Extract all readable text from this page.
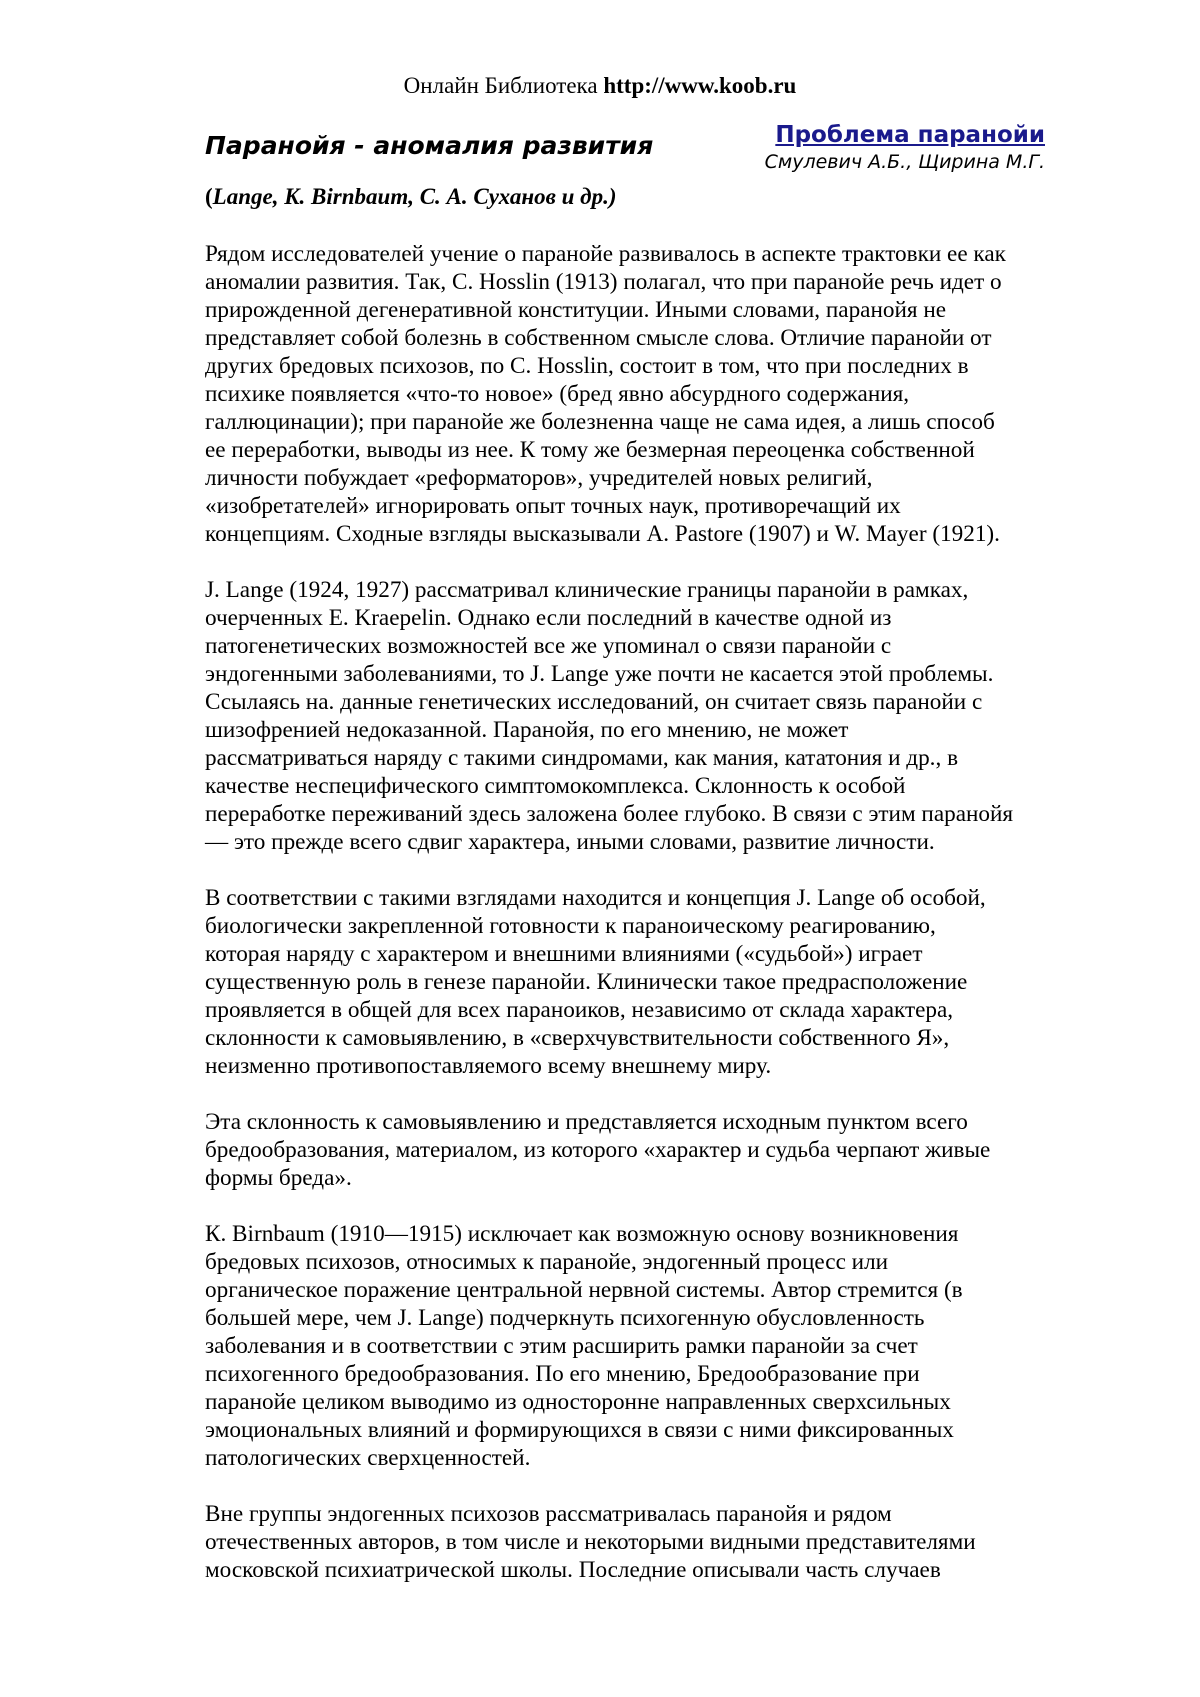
Онлайн Библиотека http://www.koob.ru
Паранойя - аномалия развития	Проблема паранойи
Смулевич А.Б., Щирина М.Г.
(Lange, K. Birnbaum, С. А. Суханов и др.)
Рядом исследователей учение о паранойе развивалось в аспекте трактовки ее как
аномалии развития. Так, С. Hosslin (1913) полагал, что при паранойе речь идет о
прирожденной дегенеративной конституции. Иными словами, паранойя не
представляет собой болезнь в собственном смысле слова. Отличие паранойи от
других бредовых психозов, по С. Hosslin, состоит в том, что при последних в
психике появляется «что-то новое» (бред явно абсурдного содержания,
галлюцинации); при паранойе же болезненна чаще не сама идея, а лишь способ
ее переработки, выводы из нее. К тому же безмерная переоценка собственной
личности побуждает «реформаторов», учредителей новых религий,
«изобретателей» игнорировать опыт точных наук, противоречащий их
концепциям. Сходные взгляды высказывали A. Pastore (1907) и W. Mayer (1921).
J. Lange (1924, 1927) рассматривал клинические границы паранойи в рамках,
очерченных Е. Kraepelin. Однако если последний в качестве одной из
патогенетических возможностей все же упоминал о связи паранойи с
эндогенными заболеваниями, то J. Lange уже почти не касается этой проблемы.
Ссылаясь на. данные генетических исследований, он считает связь паранойи с
шизофренией недоказанной. Паранойя, по его мнению, не может
рассматриваться наряду с такими синдромами, как мания, кататония и др., в
качестве неспецифического симптомокомплекса. Склонность к особой
переработке переживаний здесь заложена более глубоко. В связи с этим паранойя
— это прежде всего сдвиг характера, иными словами, развитие личности.
В соответствии с такими взглядами находится и концепция J. Lange об особой,
биологически закрепленной готовности к параноическому реагированию,
которая наряду с характером и внешними влияниями («судьбой») играет
существенную роль в генезе паранойи. Клинически такое предрасположение
проявляется в общей для всех параноиков, независимо от склада характера,
склонности к самовыявлению, в «сверхчувствительности собственного Я»,
неизменно противопоставляемого всему внешнему миру.
Эта склонность к самовыявлению и представляется исходным пунктом всего
бредообразования, материалом, из которого «характер и судьба черпают живые
формы бреда».
К. Birnbaum (1910—1915) исключает как возможную основу возникновения
бредовых психозов, относимых к паранойе, эндогенный процесс или
органическое поражение центральной нервной системы. Автор стремится (в
большей мере, чем J. Lange) подчеркнуть психогенную обусловленность
заболевания и в соответствии с этим расширить рамки паранойи за счет
психогенного бредообразования. По его мнению, Бредообразование при
паранойе целиком выводимо из односторонне направленных сверхсильных
эмоциональных влияний и формирующихся в связи с ними фиксированных
патологических сверхценностей.
Вне группы эндогенных психозов рассматривалась паранойя и рядом
отечественных авторов, в том числе и некоторыми видными представителями
московской психиатрической школы. Последние описывали часть случаев
